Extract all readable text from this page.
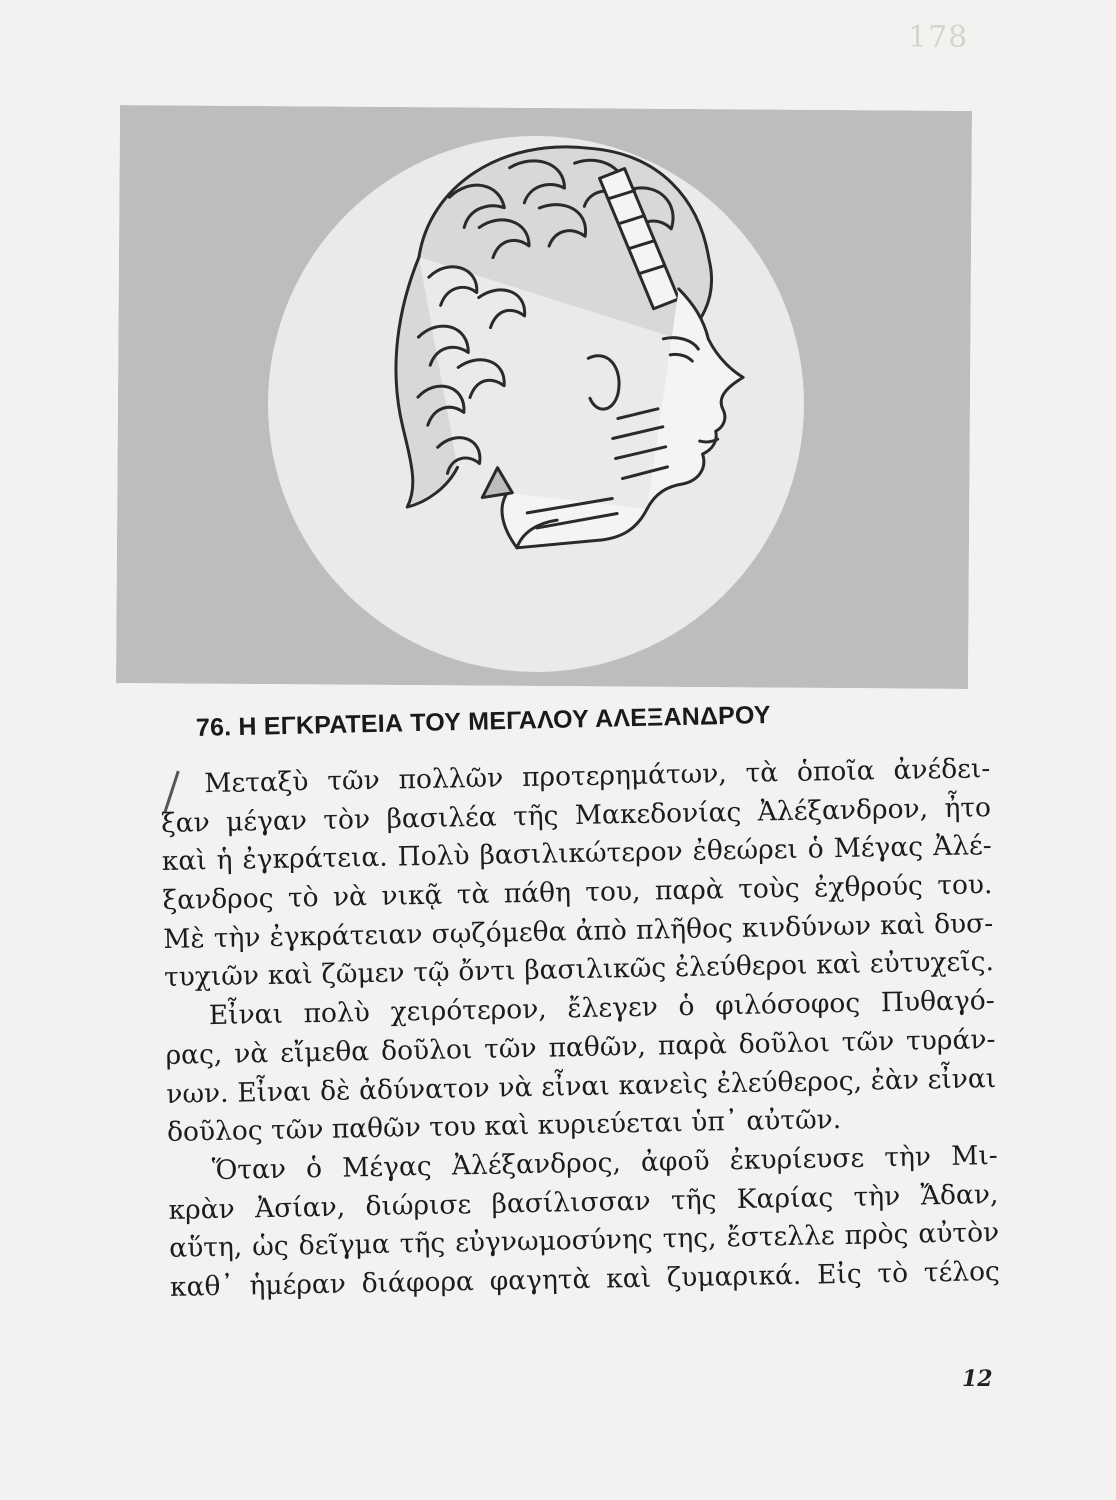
178
76. Η ΕΓΚΡΑΤΕΙΑ ΤΟΥ ΜΕΓΑΛΟΥ ΑΛΕΞΑΝΔΡΟΥ
Μεταξὺ τῶν πολλῶν προτερημάτων, τὰ ὁποῖα ἀνέδει-
ξαν μέγαν τὸν βασιλέα τῆς Μακεδονίας Ἀλέξανδρον, ἦτο
καὶ ἡ ἐγκράτεια. Πολὺ βασιλικώτερον ἐθεώρει ὁ Μέγας Ἀλέ-
ξανδρος τὸ νὰ νικᾷ τὰ πάθη του, παρὰ τοὺς ἐχθρούς του.
Μὲ τὴν ἐγκράτειαν σῳζόμεθα ἀπὸ πλῆθος κινδύνων καὶ δυσ-
τυχιῶν καὶ ζῶμεν τῷ ὄντι βασιλικῶς ἐλεύθεροι καὶ εὐτυχεῖς.
Εἶναι πολὺ χειρότερον, ἔλεγεν ὁ φιλόσοφος Πυθαγό-
ρας, νὰ εἴμεθα δοῦλοι τῶν παθῶν, παρὰ δοῦλοι τῶν τυράν-
νων. Εἶναι δὲ ἀδύνατον νὰ εἶναι κανεὶς ἐλεύθερος, ἐὰν εἶναι
δοῦλος τῶν παθῶν του καὶ κυριεύεται ὑπ᾽ αὐτῶν.
Ὅταν ὁ Μέγας Ἀλέξανδρος, ἀφοῦ ἐκυρίευσε τὴν Μι-
κρὰν Ἀσίαν, διώρισε βασίλισσαν τῆς Καρίας τὴν Ἄδαν,
αὕτη, ὡς δεῖγμα τῆς εὐγνωμοσύνης της, ἔστελλε πρὸς αὐτὸν
καθ᾽ ἡμέραν διάφορα φαγητὰ καὶ ζυμαρικά. Εἰς τὸ τέλος
12
